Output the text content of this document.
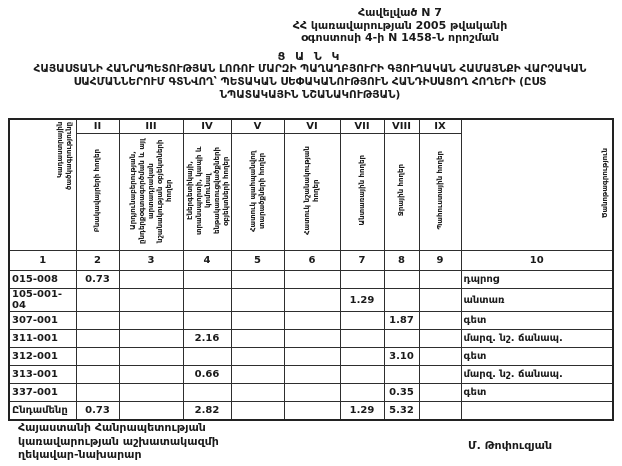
Հավելված N 7
ՀՀ կառավարության 2005 թվականի
օգոստոսի 4-ի N 1458-Ն որոշման
Ց Ա Ն Կ
ՀԱՅԱՍՏԱՆԻ ՀԱՆՐԱՊԵՏՈՒԹՅԱՆ ԼՈՌՈՒ ՄԱՐԶԻ ՊԱՂԱՂԲՅՈՒՐԻ ԳՅՈՒՂԱԿԱՆ ՀԱՄԱՅՆՔԻ ՎԱՐՉԱԿԱՆ
ՍԱՀՄԱՆՆԵՐՈՒՄ ԳՏՆՎՈՂ՝ ՊԵՏԱԿԱՆ ՍԵՓԱԿԱՆՈՒԹՅՈՒՆ ՀԱՆԴԻՍԱՑՈՂ ՀՈՂԵՐԻ (ԸՍՏ
ՆՊԱՏԱԿԱՅԻՆ ՆՇԱՆԱԿՈՒԹՅԱՆ)
Կադաստրային ծածկագրությունը	II	III	IV	V	VI	VII	VIII	IX	Ծանոթագրություն
	Բնակավայրերի հողեր	Արդյունաբերության, ընդերքօգտագործման և այլ արտադրական նշանակության օբյեկտների հողեր	Էներգետիկայի, տրանսպորտի, կապի և կոմունալ ենթակառուցվածքների օբյեկտների հողեր	Հատուկ պահպանվող տարածքների հողեր	Հատուկ նշանակության հողեր	Անտառային հողեր	Ջրային հողեր	Պահուստային հողեր	
1	2	3	4	5	6	7	8	9	10
015-008	0.73								դպրոց
105-001-04						1.29			անտառ
307-001							1.87		գետ
311-001			2.16						մարզ. նշ. ճանապ.
312-001							3.10		գետ
313-001			0.66						մարզ. նշ. ճանապ.
337-001							0.35		գետ
Ընդամենը	0.73		2.82			1.29	5.32		
Հայաստանի Հանրապետության
կառավարության աշխատակազմի
ղեկավար-նախարար
Մ. Թոփուզյան
